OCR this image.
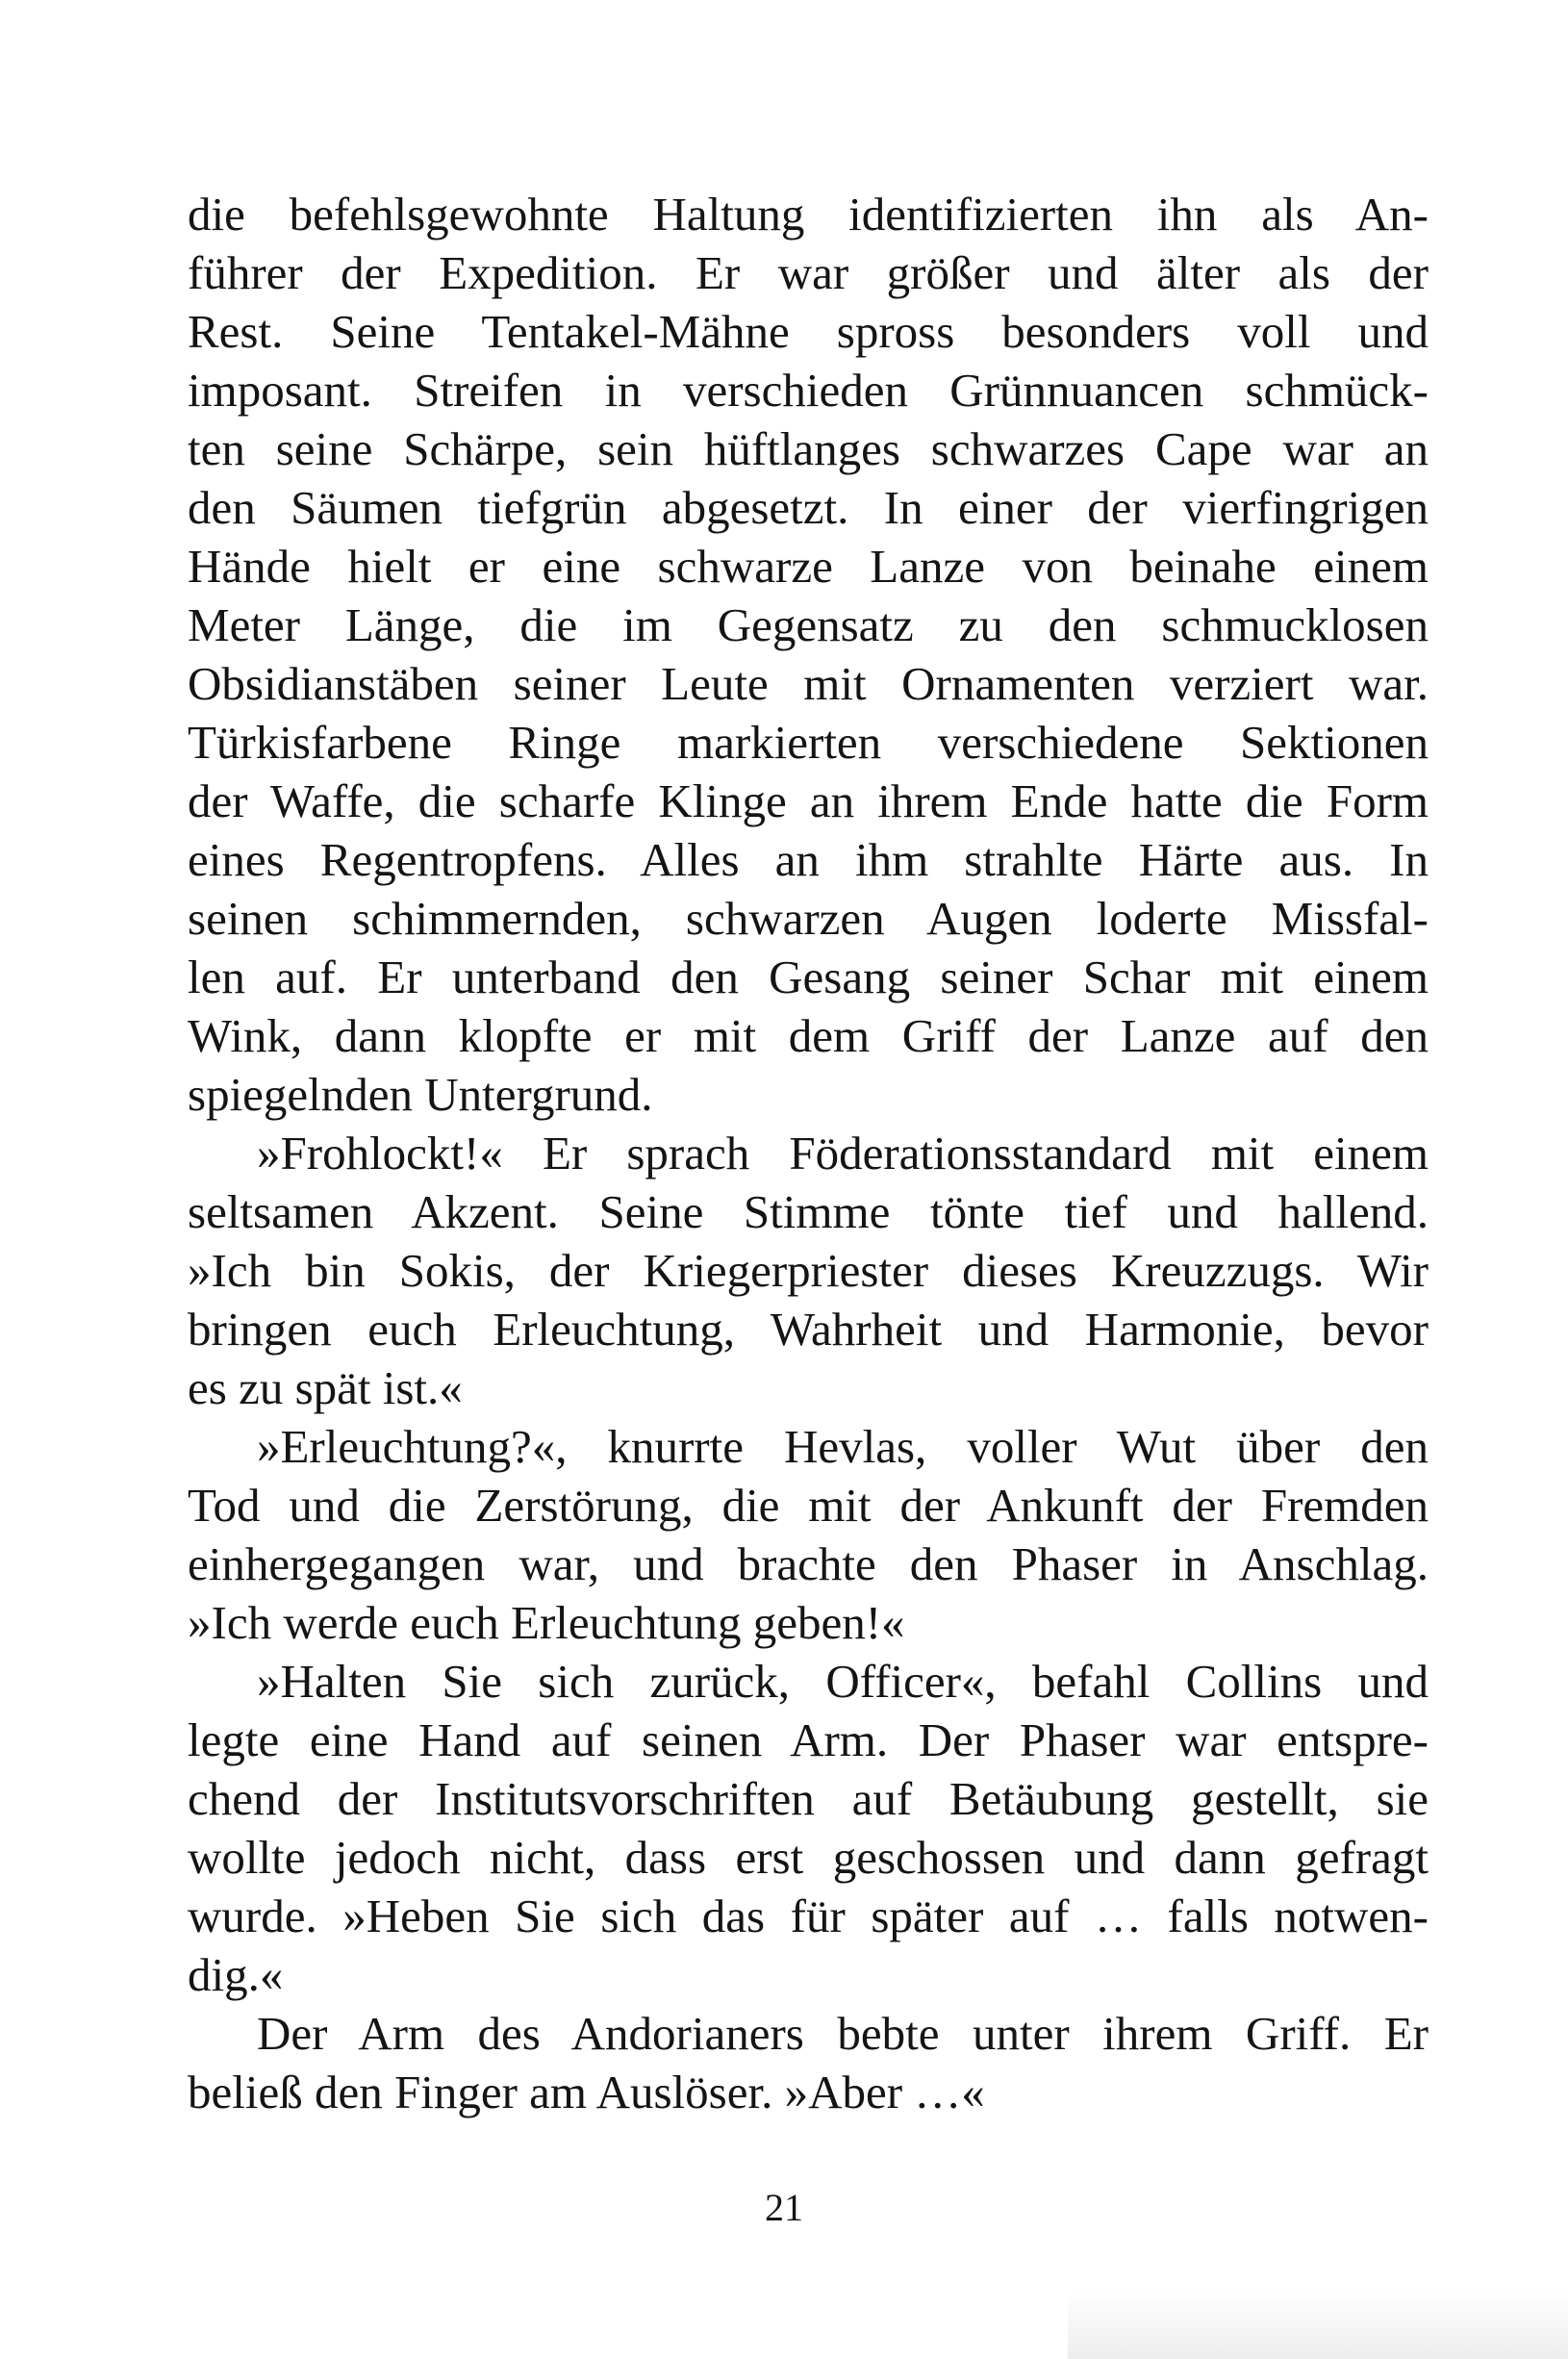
die befehlsgewohnte Haltung identifizierten ihn als An-
führer der Expedition. Er war größer und älter als der
Rest. Seine Tentakel-Mähne spross besonders voll und
imposant. Streifen in verschieden Grünnuancen schmück-
ten seine Schärpe, sein hüftlanges schwarzes Cape war an
den Säumen tiefgrün abgesetzt. In einer der vierfingrigen
Hände hielt er eine schwarze Lanze von beinahe einem
Meter Länge, die im Gegensatz zu den schmucklosen
Obsidianstäben seiner Leute mit Ornamenten verziert war.
Türkisfarbene Ringe markierten verschiedene Sektionen
der Waffe, die scharfe Klinge an ihrem Ende hatte die Form
eines Regentropfens. Alles an ihm strahlte Härte aus. In
seinen schimmernden, schwarzen Augen loderte Missfal-
len auf. Er unterband den Gesang seiner Schar mit einem
Wink, dann klopfte er mit dem Griff der Lanze auf den
spiegelnden Untergrund.
»Frohlockt!« Er sprach Föderationsstandard mit einem
seltsamen Akzent. Seine Stimme tönte tief und hallend.
»Ich bin Sokis, der Kriegerpriester dieses Kreuzzugs. Wir
bringen euch Erleuchtung, Wahrheit und Harmonie, bevor
es zu spät ist.«
»Erleuchtung?«, knurrte Hevlas, voller Wut über den
Tod und die Zerstörung, die mit der Ankunft der Fremden
einhergegangen war, und brachte den Phaser in Anschlag.
»Ich werde euch Erleuchtung geben!«
»Halten Sie sich zurück, Officer«, befahl Collins und
legte eine Hand auf seinen Arm. Der Phaser war entspre-
chend der Institutsvorschriften auf Betäubung gestellt, sie
wollte jedoch nicht, dass erst geschossen und dann gefragt
wurde. »Heben Sie sich das für später auf … falls notwen-
dig.«
Der Arm des Andorianers bebte unter ihrem Griff. Er
beließ den Finger am Auslöser. »Aber …«
21
